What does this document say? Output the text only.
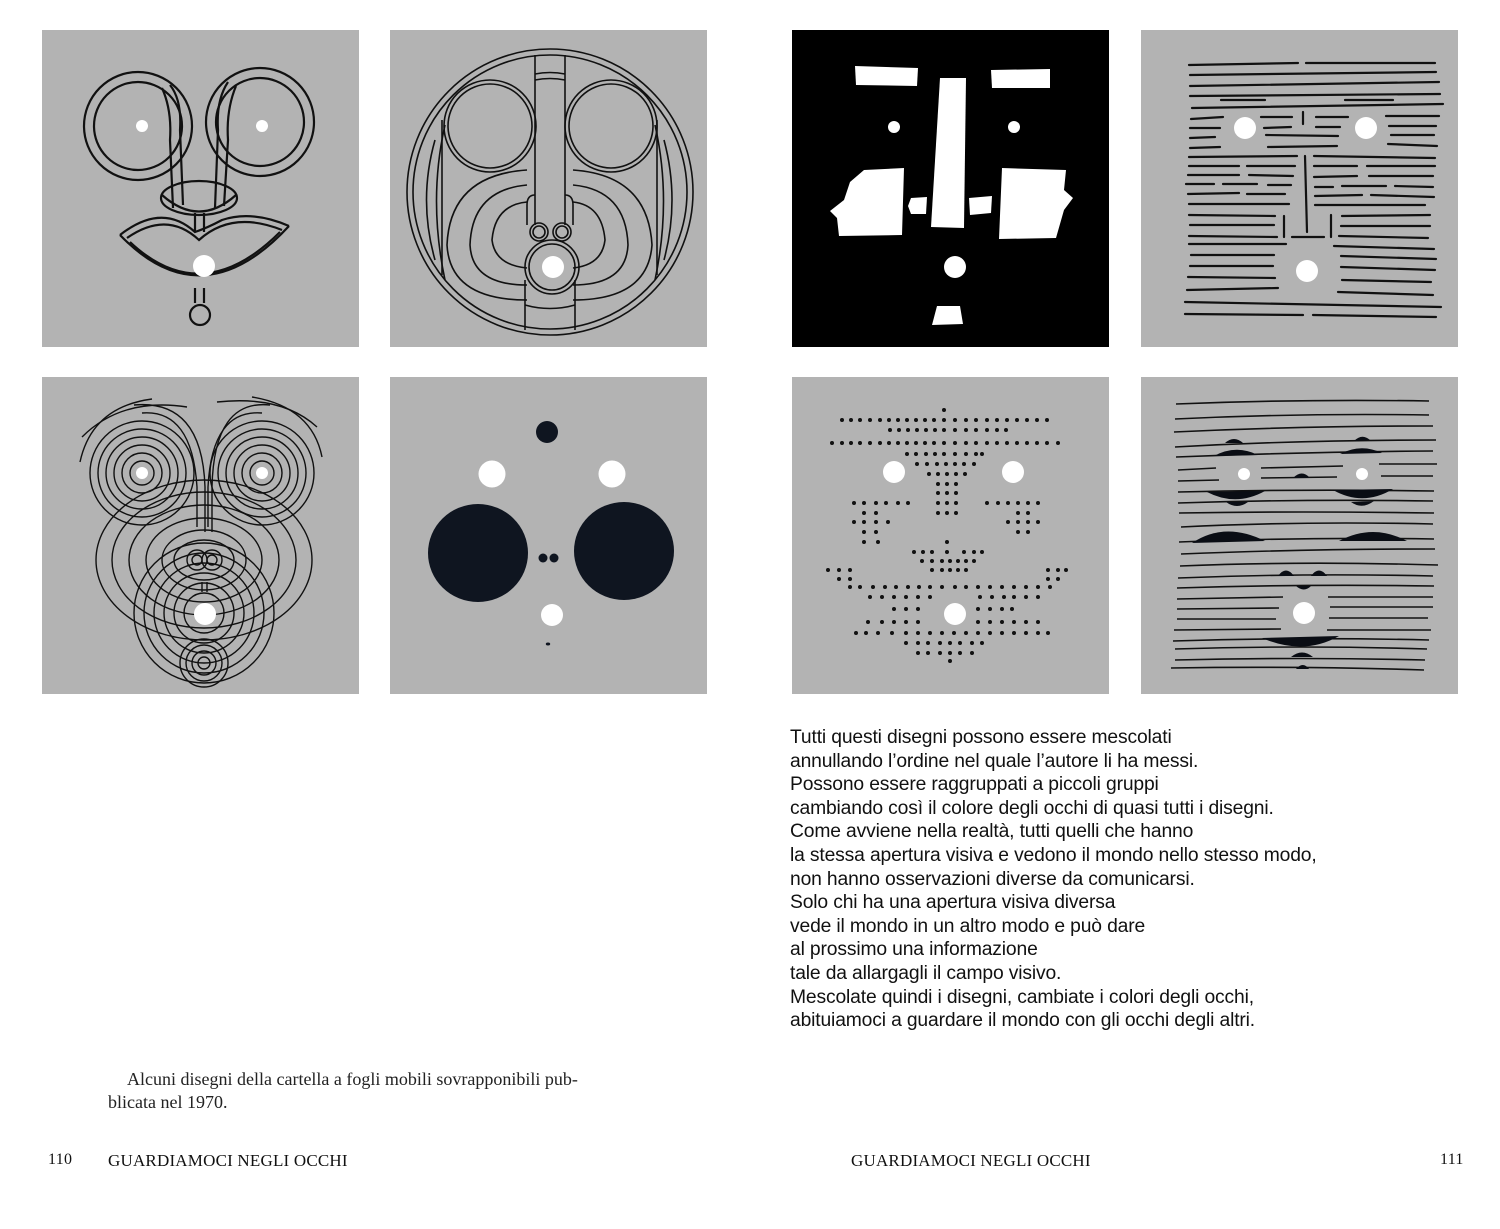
Tutti questi disegni possono essere mescolati
annullando l’ordine nel quale l’autore li ha messi.
Possono essere raggruppati a piccoli gruppi
cambiando così il colore degli occhi di quasi tutti i disegni.
Come avviene nella realtà, tutti quelli che hanno
la stessa apertura visiva e vedono il mondo nello stesso modo,
non hanno osservazioni diverse da comunicarsi.
Solo chi ha una apertura visiva diversa
vede il mondo in un altro modo e può dare
al prossimo una informazione
tale da allargagli il campo visivo.
Mescolate quindi i disegni, cambiate i colori degli occhi,
abituiamoci a guardare il mondo con gli occhi degli altri.
Alcuni disegni della cartella a fogli mobili sovrapponibili pub-
blicata nel 1970.
110 GUARDIAMOCI NEGLI OCCHI	GUARDIAMOCI NEGLI OCCHI	111
